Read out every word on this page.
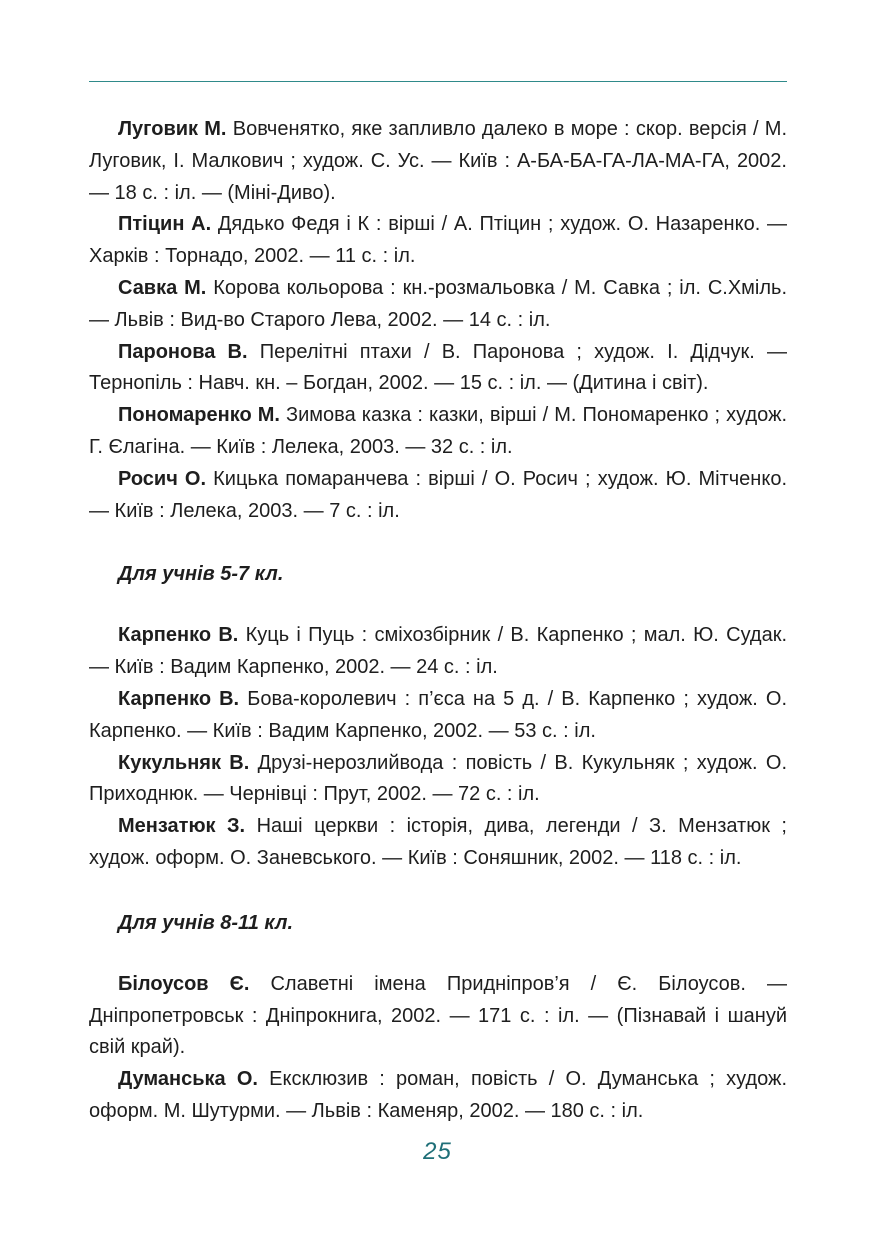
Луговик М. Вовченятко, яке запливло далеко в море : скор. версія / М. Луговик, І. Малкович ; худож. С. Ус. — Київ : А-БА-БА-ГА-ЛА-МА-ГА, 2002. — 18 с. : іл. — (Міні-Диво).

Птіцин А. Дядько Федя і К : вірші / А. Птіцин ; худож. О. Назаренко. — Харків : Торнадо, 2002. — 11 с. : іл.

Савка М. Корова кольорова : кн.-розмальовка / М. Савка ; іл. С.Хміль. — Львів : Вид-во Старого Лева, 2002. — 14 с. : іл.

Паронова В. Перелітні птахи / В. Паронова ; худож. І. Дідчук. — Тернопіль : Навч. кн. – Богдан, 2002. — 15 с. : іл. — (Дитина і світ).

Пономаренко М. Зимова казка : казки, вірші / М. Пономаренко ; худож. Г. Єлагіна. — Київ : Лелека, 2003. — 32 с. : іл.

Росич О. Кицька помаранчева : вірші / О. Росич ; худож. Ю. Мітченко. — Київ : Лелека, 2003. — 7 с. : іл.

Для учнів 5-7 кл.

Карпенко В. Куць і Пуць : сміхозбірник / В. Карпенко ; мал. Ю. Судак. — Київ : Вадим Карпенко, 2002. — 24 с. : іл.

Карпенко В. Бова-королевич : п’єса на 5 д. / В. Карпенко ; худож. О. Карпенко. — Київ : Вадим Карпенко, 2002. — 53 с. : іл.

Кукульняк В. Друзі-нерозлийвода : повість / В. Кукульняк ; худож. О. Приходнюк. — Чернівці : Прут, 2002. — 72 с. : іл.

Мензатюк З. Наші церкви : історія, дива, легенди / З. Мензатюк ; худож. оформ. О. Заневського. — Київ : Соняшник, 2002. — 118 с. : іл.

Для учнів 8-11 кл.

Білоусов Є. Славетні імена Придніпров’я / Є. Білоусов. — Дніпропетровськ : Дніпрокнига, 2002. — 171 с. : іл. — (Пізнавай і шануй свій край).

Думанська О. Ексклюзив : роман, повість / О. Думанська ; худож. оформ. М. Шутурми. — Львів : Каменяр, 2002. — 180 с. : іл.

25
